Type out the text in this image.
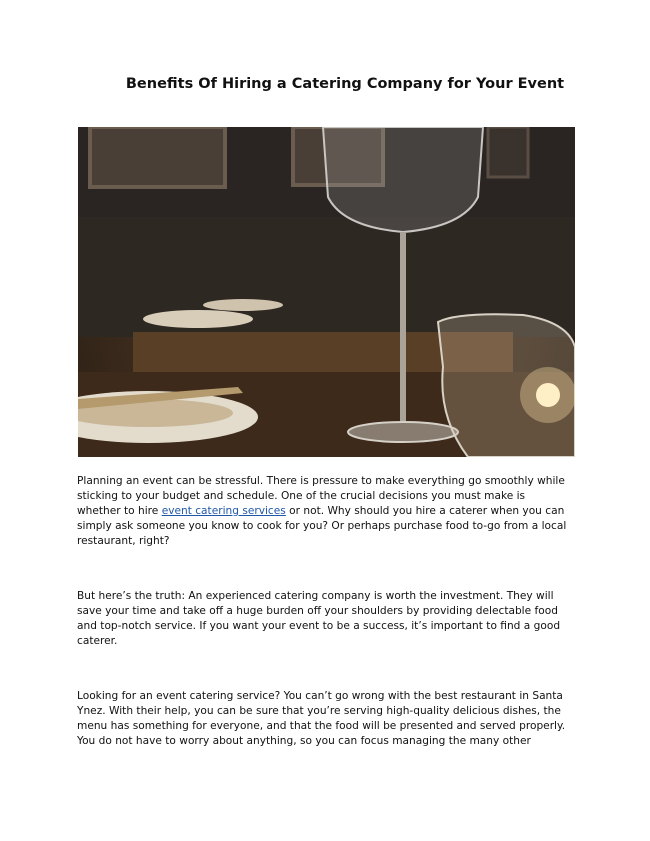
Benefits Of Hiring a Catering Company for Your Event
Planning an event can be stressful. There is pressure to make everything go smoothly while
sticking to your budget and schedule. One of the crucial decisions you must make is
whether to hire event catering services or not. Why should you hire a caterer when you can
simply ask someone you know to cook for you? Or perhaps purchase food to-go from a local
restaurant, right?
But here’s the truth: An experienced catering company is worth the investment. They will
save your time and take off a huge burden off your shoulders by providing delectable food
and top-notch service. If you want your event to be a success, it’s important to find a good
caterer.
Looking for an event catering service? You can’t go wrong with the best restaurant in Santa
Ynez. With their help, you can be sure that you’re serving high-quality delicious dishes, the
menu has something for everyone, and that the food will be presented and served properly.
You do not have to worry about anything, so you can focus managing the many other
